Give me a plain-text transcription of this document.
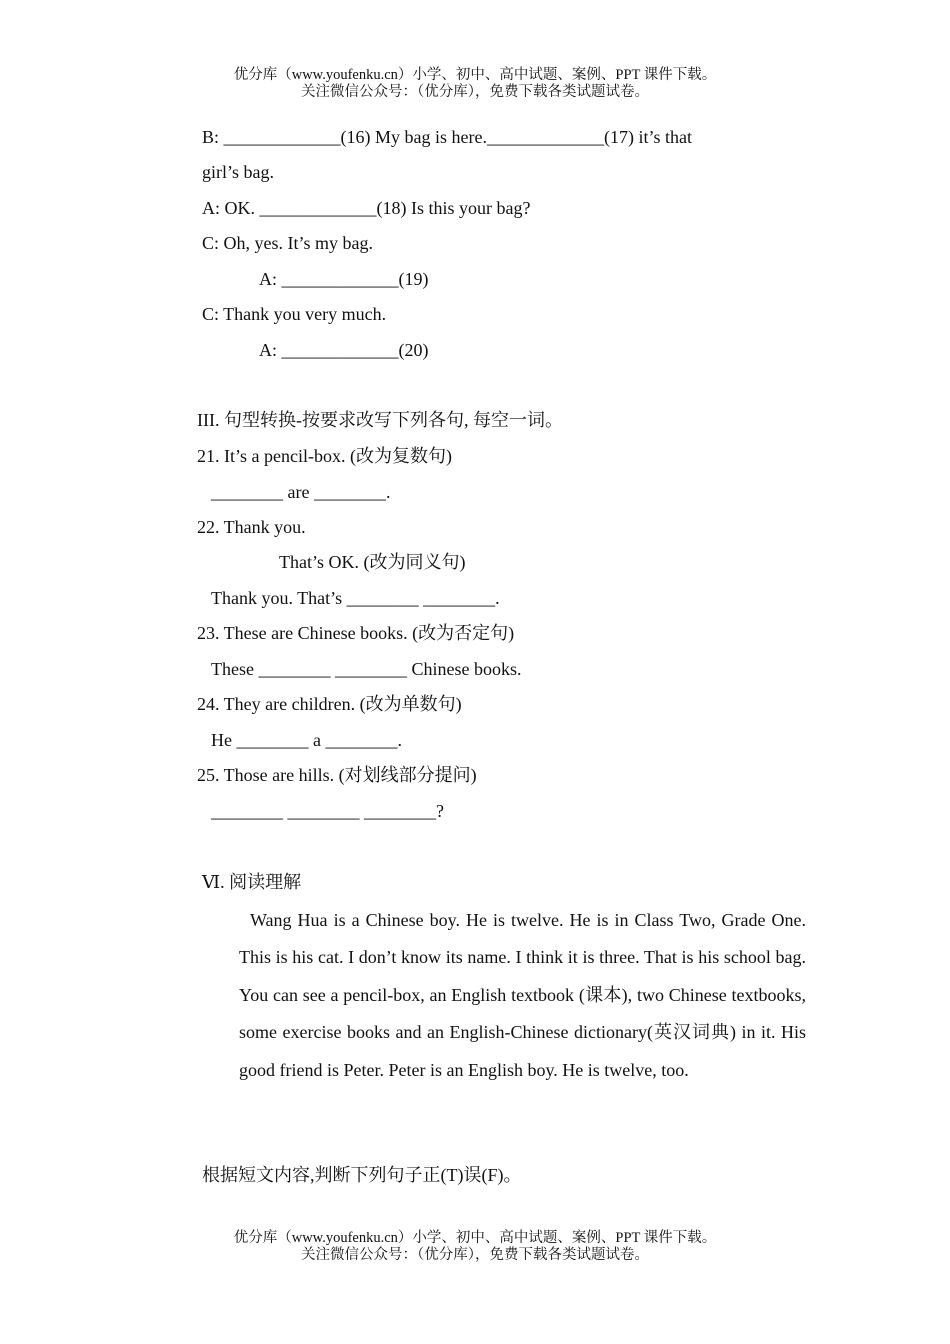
优分库（www.youfenku.cn）小学、初中、高中试题、案例、PPT 课件下载。
关注微信公众号：（优分库），免费下载各类试题试卷。
B: _____________(16) My bag is here._____________(17) it’s that
girl’s bag.
A: OK. _____________(18) Is this your bag?
C: Oh, yes. It’s my bag.
A: _____________(19)
C: Thank you very much.
A: _____________(20)
III. 句型转换-按要求改写下列各句, 每空一词。
21. It’s a pencil-box. (改为复数句)
________ are ________.
22. Thank you.
That’s OK. (改为同义句)
Thank you. That’s ________ ________.
23. These are Chinese books. (改为否定句)
These ________ ________ Chinese books.
24. They are children. (改为单数句)
He ________ a ________.
25. Those are hills. (对划线部分提问)
________ ________ ________?
Ⅵ. 阅读理解
Wang Hua is a Chinese boy. He is twelve. He is in Class Two, Grade One. This is his cat. I don’t know its name. I think it is three. That is his school bag. You can see a pencil-box, an English textbook (课本), two Chinese textbooks, some exercise books and an English-Chinese dictionary(英汉词典) in it. His good friend is Peter. Peter is an English boy. He is twelve, too.
根据短文内容,判断下列句子正(T)误(F)。
优分库（www.youfenku.cn）小学、初中、高中试题、案例、PPT 课件下载。
关注微信公众号：（优分库），免费下载各类试题试卷。
